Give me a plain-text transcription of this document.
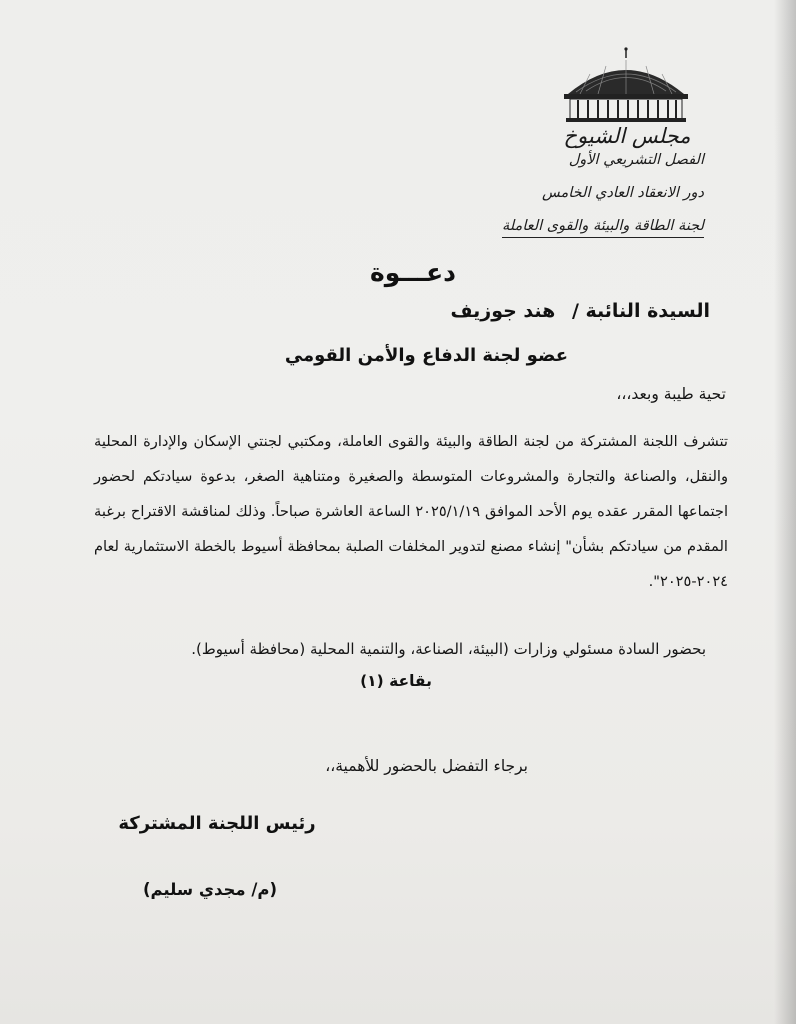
مجلس الشيوخ
الفصل التشريعي الأول
دور الانعقاد العادي الخامس
لجنة الطاقة والبيئة والقوى العاملة
دعـــوة
السيدة النائبة / هند جوزيف
عضو لجنة الدفاع والأمن القومي
تحية طيبة وبعد،،،
تتشرف اللجنة المشتركة من لجنة الطاقة والبيئة والقوى العاملة، ومكتبي لجنتي الإسكان والإدارة المحلية والنقل، والصناعة والتجارة والمشروعات المتوسطة والصغيرة ومتناهية الصغر، بدعوة سيادتكم لحضور اجتماعها المقرر عقده يوم الأحد الموافق ٢٠٢٥/١/١٩ الساعة العاشرة صباحاً. وذلك لمناقشة الاقتراح برغبة المقدم من سيادتكم بشأن" إنشاء مصنع لتدوير المخلفات الصلبة بمحافظة أسيوط بالخطة الاستثمارية لعام ٢٠٢٤-٢٠٢٥".
بحضور السادة مسئولي وزارات (البيئة، الصناعة، والتنمية المحلية (محافظة أسيوط).
بقاعة (١)
برجاء التفضل بالحضور للأهمية،،
رئيس اللجنة المشتركة
(م/ مجدي سليم)
